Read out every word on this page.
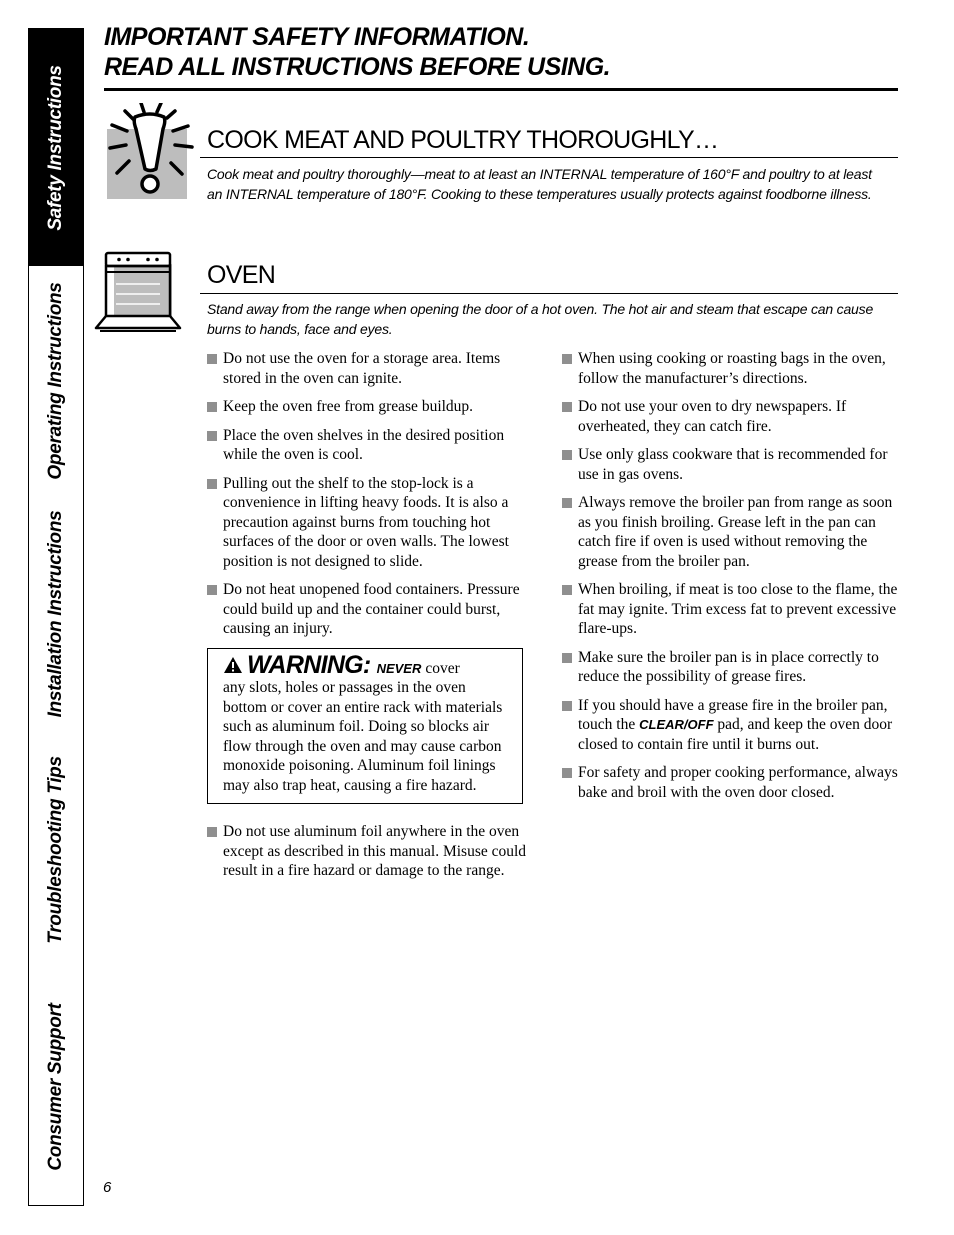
Safety Instructions
Operating Instructions
Installation Instructions
Troubleshooting Tips
Consumer Support
IMPORTANT SAFETY INFORMATION.
READ ALL INSTRUCTIONS BEFORE USING.
COOK MEAT AND POULTRY THOROUGHLY…
Cook meat and poultry thoroughly—meat to at least an INTERNAL temperature of 160°F and poultry to at least an INTERNAL temperature of 180°F. Cooking to these temperatures usually protects against foodborne illness.
OVEN
Stand away from the range when opening the door of a hot oven. The hot air and steam that escape can cause burns to hands, face and eyes.
Do not use the oven for a storage area. Items stored in the oven can ignite.
Keep the oven free from grease buildup.
Place the oven shelves in the desired position while the oven is cool.
Pulling out the shelf to the stop-lock is a convenience in lifting heavy foods. It is also a precaution against burns from touching hot surfaces of the door or oven walls. The lowest position is not designed to slide.
Do not heat unopened food containers. Pressure could build up and the container could burst, causing an injury.
WARNING: NEVER cover
any slots, holes or passages in the oven bottom or cover an entire rack with materials such as aluminum foil. Doing so blocks air flow through the oven and may cause carbon monoxide poisoning. Aluminum foil linings may also trap heat, causing a fire hazard.
Do not use aluminum foil anywhere in the oven except as described in this manual. Misuse could result in a fire hazard or damage to the range.
When using cooking or roasting bags in the oven, follow the manufacturer’s directions.
Do not use your oven to dry newspapers. If overheated, they can catch fire.
Use only glass cookware that is recommended for use in gas ovens.
Always remove the broiler pan from range as soon as you finish broiling. Grease left in the pan can catch fire if oven is used without removing the grease from the broiler pan.
When broiling, if meat is too close to the flame, the fat may ignite. Trim excess fat to prevent excessive flare-ups.
Make sure the broiler pan is in place correctly to reduce the possibility of grease fires.
If you should have a grease fire in the broiler pan, touch the CLEAR/OFF pad, and keep the oven door closed to contain fire until it burns out.
For safety and proper cooking performance, always bake and broil with the oven door closed.
6
